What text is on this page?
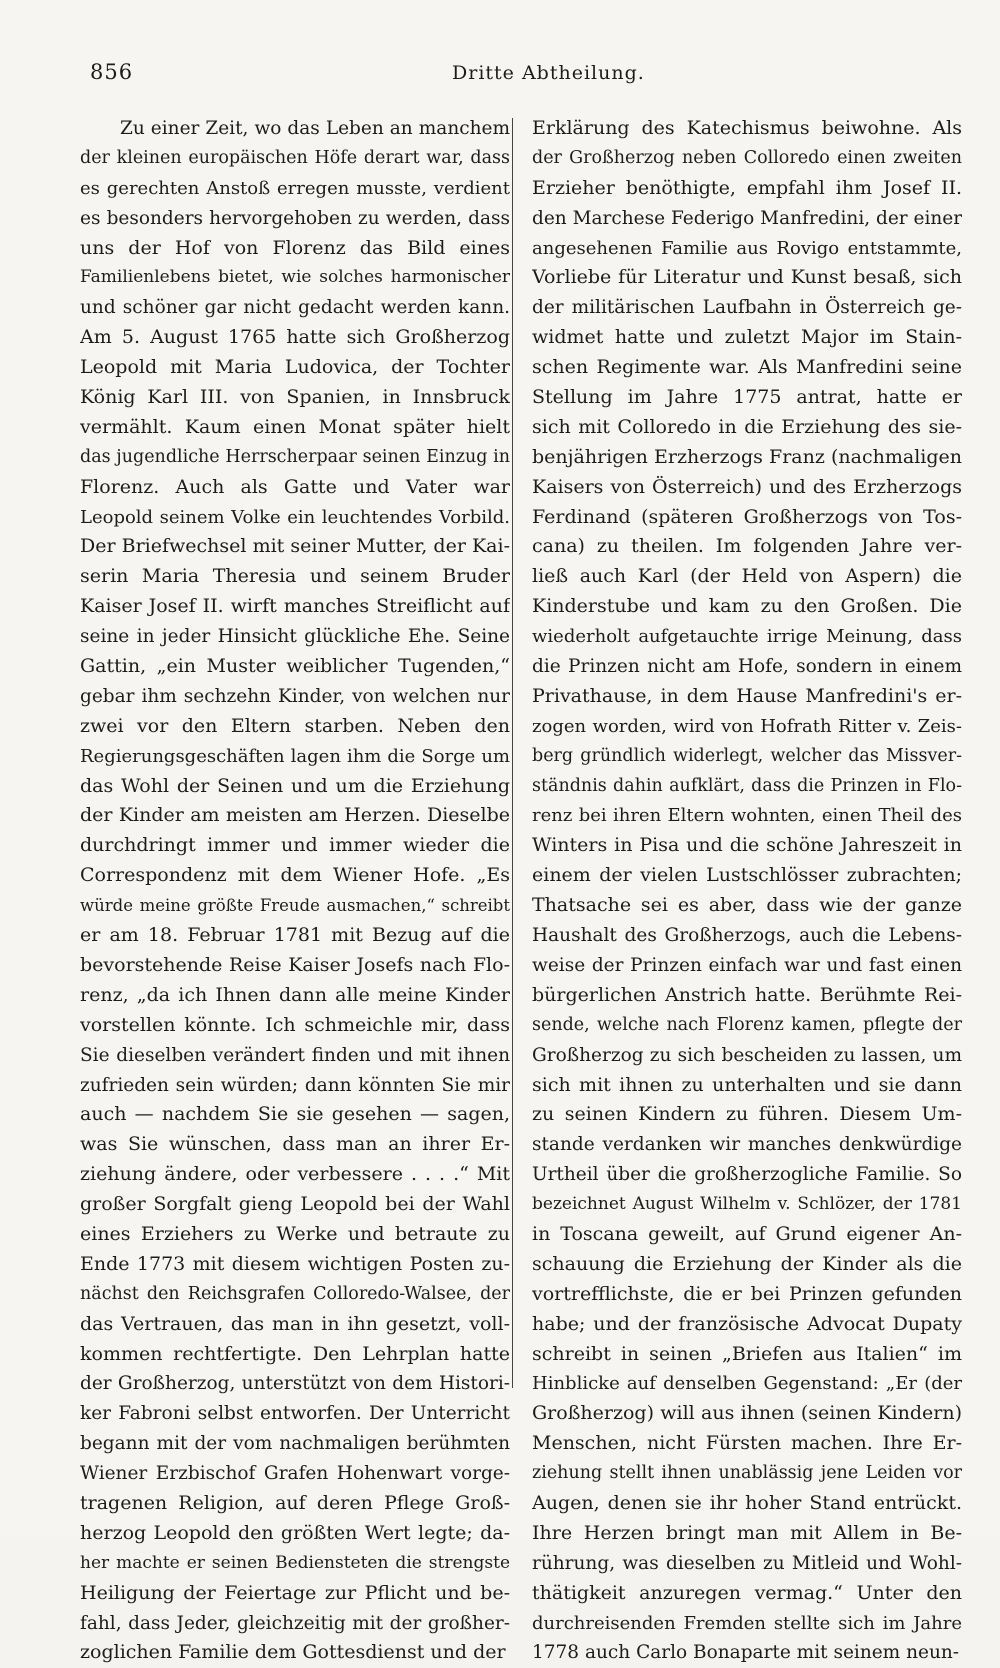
856	Dritte Abtheilung.
Zu einer Zeit, wo das Leben an manchem
der kleinen europäischen Höfe derart war, dass
es gerechten Anstoß erregen musste, verdient
es besonders hervorgehoben zu werden, dass
uns der Hof von Florenz das Bild eines
Familienlebens bietet, wie solches harmonischer
und schöner gar nicht gedacht werden kann.
Am 5. August 1765 hatte sich Großherzog
Leopold mit Maria Ludovica, der Tochter
König Karl III. von Spanien, in Innsbruck
vermählt. Kaum einen Monat später hielt
das jugendliche Herrscherpaar seinen Einzug in
Florenz. Auch als Gatte und Vater war
Leopold seinem Volke ein leuchtendes Vorbild.
Der Briefwechsel mit seiner Mutter, der Kai-
serin Maria Theresia und seinem Bruder
Kaiser Josef II. wirft manches Streiflicht auf
seine in jeder Hinsicht glückliche Ehe. Seine
Gattin, „ein Muster weiblicher Tugenden,“
gebar ihm sechzehn Kinder, von welchen nur
zwei vor den Eltern starben. Neben den
Regierungsgeschäften lagen ihm die Sorge um
das Wohl der Seinen und um die Erziehung
der Kinder am meisten am Herzen. Dieselbe
durchdringt immer und immer wieder die
Correspondenz mit dem Wiener Hofe. „Es
würde meine größte Freude ausmachen,“ schreibt
er am 18. Februar 1781 mit Bezug auf die
bevorstehende Reise Kaiser Josefs nach Flo-
renz, „da ich Ihnen dann alle meine Kinder
vorstellen könnte. Ich schmeichle mir, dass
Sie dieselben verändert finden und mit ihnen
zufrieden sein würden; dann könnten Sie mir
auch — nachdem Sie sie gesehen — sagen,
was Sie wünschen, dass man an ihrer Er-
ziehung ändere, oder verbessere . . . .“ Mit
großer Sorgfalt gieng Leopold bei der Wahl
eines Erziehers zu Werke und betraute zu
Ende 1773 mit diesem wichtigen Posten zu-
nächst den Reichsgrafen Colloredo-Walsee, der
das Vertrauen, das man in ihn gesetzt, voll-
kommen rechtfertigte. Den Lehrplan hatte
der Großherzog, unterstützt von dem Histori-
ker Fabroni selbst entworfen. Der Unterricht
begann mit der vom nachmaligen berühmten
Wiener Erzbischof Grafen Hohenwart vorge-
tragenen Religion, auf deren Pflege Groß-
herzog Leopold den größten Wert legte; da-
her machte er seinen Bediensteten die strengste
Heiligung der Feiertage zur Pflicht und be-
fahl, dass Jeder, gleichzeitig mit der großher-
zoglichen Familie dem Gottesdienst und der
Erklärung des Katechismus beiwohne. Als
der Großherzog neben Colloredo einen zweiten
Erzieher benöthigte, empfahl ihm Josef II.
den Marchese Federigo Manfredini, der einer
angesehenen Familie aus Rovigo entstammte,
Vorliebe für Literatur und Kunst besaß, sich
der militärischen Laufbahn in Österreich ge-
widmet hatte und zuletzt Major im Stain-
schen Regimente war. Als Manfredini seine
Stellung im Jahre 1775 antrat, hatte er
sich mit Colloredo in die Erziehung des sie-
benjährigen Erzherzogs Franz (nachmaligen
Kaisers von Österreich) und des Erzherzogs
Ferdinand (späteren Großherzogs von Tos-
cana) zu theilen. Im folgenden Jahre ver-
ließ auch Karl (der Held von Aspern) die
Kinderstube und kam zu den Großen. Die
wiederholt aufgetauchte irrige Meinung, dass
die Prinzen nicht am Hofe, sondern in einem
Privathause, in dem Hause Manfredini's er-
zogen worden, wird von Hofrath Ritter v. Zeis-
berg gründlich widerlegt, welcher das Missver-
ständnis dahin aufklärt, dass die Prinzen in Flo-
renz bei ihren Eltern wohnten, einen Theil des
Winters in Pisa und die schöne Jahreszeit in
einem der vielen Lustschlösser zubrachten;
Thatsache sei es aber, dass wie der ganze
Haushalt des Großherzogs, auch die Lebens-
weise der Prinzen einfach war und fast einen
bürgerlichen Anstrich hatte. Berühmte Rei-
sende, welche nach Florenz kamen, pflegte der
Großherzog zu sich bescheiden zu lassen, um
sich mit ihnen zu unterhalten und sie dann
zu seinen Kindern zu führen. Diesem Um-
stande verdanken wir manches denkwürdige
Urtheil über die großherzogliche Familie. So
bezeichnet August Wilhelm v. Schlözer, der 1781
in Toscana geweilt, auf Grund eigener An-
schauung die Erziehung der Kinder als die
vortrefflichste, die er bei Prinzen gefunden
habe; und der französische Advocat Dupaty
schreibt in seinen „Briefen aus Italien“ im
Hinblicke auf denselben Gegenstand: „Er (der
Großherzog) will aus ihnen (seinen Kindern)
Menschen, nicht Fürsten machen. Ihre Er-
ziehung stellt ihnen unablässig jene Leiden vor
Augen, denen sie ihr hoher Stand entrückt.
Ihre Herzen bringt man mit Allem in Be-
rührung, was dieselben zu Mitleid und Wohl-
thätigkeit anzuregen vermag.“ Unter den
durchreisenden Fremden stellte sich im Jahre
1778 auch Carlo Bonaparte mit seinem neun-
